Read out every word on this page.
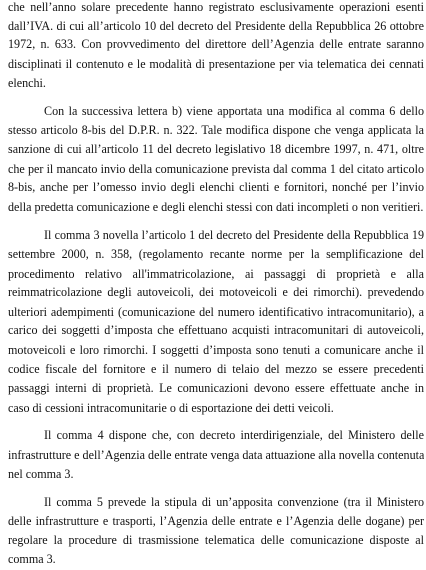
che nell’anno solare precedente hanno registrato esclusivamente operazioni esenti
dall’IVA. di cui all’articolo 10 del decreto del Presidente della Repubblica 26 ottobre
1972, n. 633. Con provvedimento del direttore dell’Agenzia delle entrate saranno
disciplinati il contenuto e le modalità di presentazione per via telematica dei cennati
elenchi.
Con la successiva lettera b) viene apportata una modifica al comma 6 dello
stesso articolo 8-bis del D.P.R. n. 322. Tale modifica dispone che venga applicata la
sanzione di cui all’articolo 11 del decreto legislativo 18 dicembre 1997, n. 471, oltre
che per il mancato invio della comunicazione prevista dal comma 1 del citato articolo
8-bis, anche per l’omesso invio degli elenchi clienti e fornitori, nonché per l’invio
della predetta comunicazione e degli elenchi stessi con dati incompleti o non veritieri.
Il comma 3 novella l’articolo 1 del decreto del Presidente della Repubblica 19
settembre 2000, n. 358, (regolamento recante norme per la semplificazione del
procedimento relativo all'immatricolazione, ai passaggi di proprietà e alla
reimmatricolazione degli autoveicoli, dei motoveicoli e dei rimorchi). prevedendo
ulteriori adempimenti (comunicazione del numero identificativo intracomunitario), a
carico dei soggetti d’imposta che effettuano acquisti intracomunitari di autoveicoli,
motoveicoli e loro rimorchi. I soggetti d’imposta sono tenuti a comunicare anche il
codice fiscale del fornitore e il numero di telaio del mezzo se essere precedenti
passaggi interni di proprietà. Le comunicazioni devono essere effettuate anche in
caso di cessioni intracomunitarie o di esportazione dei detti veicoli.
Il comma 4 dispone che, con decreto interdirigenziale, del Ministero delle
infrastrutture e dell’Agenzia delle entrate venga data attuazione alla novella contenuta
nel comma 3.
Il comma 5 prevede la stipula di un’apposita convenzione (tra il Ministero
delle infrastrutture e trasporti, l’Agenzia delle entrate e l’Agenzia delle dogane) per
regolare la procedure di trasmissione telematica delle comunicazione disposte al
comma 3.
